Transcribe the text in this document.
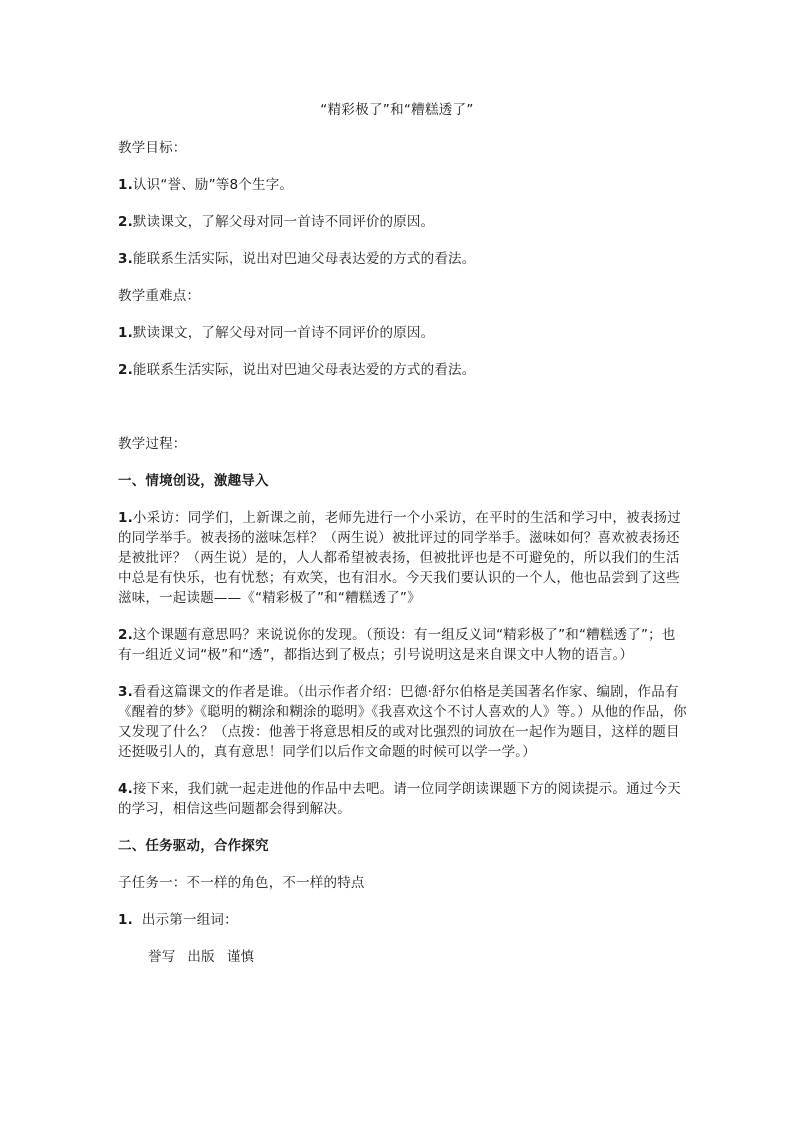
“精彩极了”和“糟糕透了”

教学目标：

1.认识“誉、励”等8个生字。

2.默读课文，了解父母对同一首诗不同评价的原因。

3.能联系生活实际，说出对巴迪父母表达爱的方式的看法。

教学重难点：

1.默读课文，了解父母对同一首诗不同评价的原因。

2.能联系生活实际，说出对巴迪父母表达爱的方式的看法。

教学过程：

一、情境创设，激趣导入

1.小采访：同学们，上新课之前，老师先进行一个小采访，在平时的生活和学习中，被表扬过的同学举手。被表扬的滋味怎样？（两生说）被批评过的同学举手。滋味如何？喜欢被表扬还是被批评？（两生说）是的，人人都希望被表扬，但被批评也是不可避免的，所以我们的生活中总是有快乐，也有忧愁；有欢笑，也有泪水。今天我们要认识的一个人，他也品尝到了这些滋味，一起读题——《“精彩极了”和“糟糕透了”》

2.这个课题有意思吗？来说说你的发现。（预设：有一组反义词“精彩极了”和“糟糕透了”；也有一组近义词“极”和“透”，都指达到了极点；引号说明这是来自课文中人物的语言。）

3.看看这篇课文的作者是谁。（出示作者介绍：巴德·舒尔伯格是美国著名作家、编剧，作品有《醒着的梦》《聪明的糊涂和糊涂的聪明》《我喜欢这个不讨人喜欢的人》等。）从他的作品，你又发现了什么？（点拨：他善于将意思相反的或对比强烈的词放在一起作为题目，这样的题目还挺吸引人的，真有意思！同学们以后作文命题的时候可以学一学。）

4.接下来，我们就一起走进他的作品中去吧。请一位同学朗读课题下方的阅读提示。通过今天的学习，相信这些问题都会得到解决。

二、任务驱动，合作探究

子任务一：不一样的角色，不一样的特点

1. 出示第一组词：

誉写 出版 谨慎
